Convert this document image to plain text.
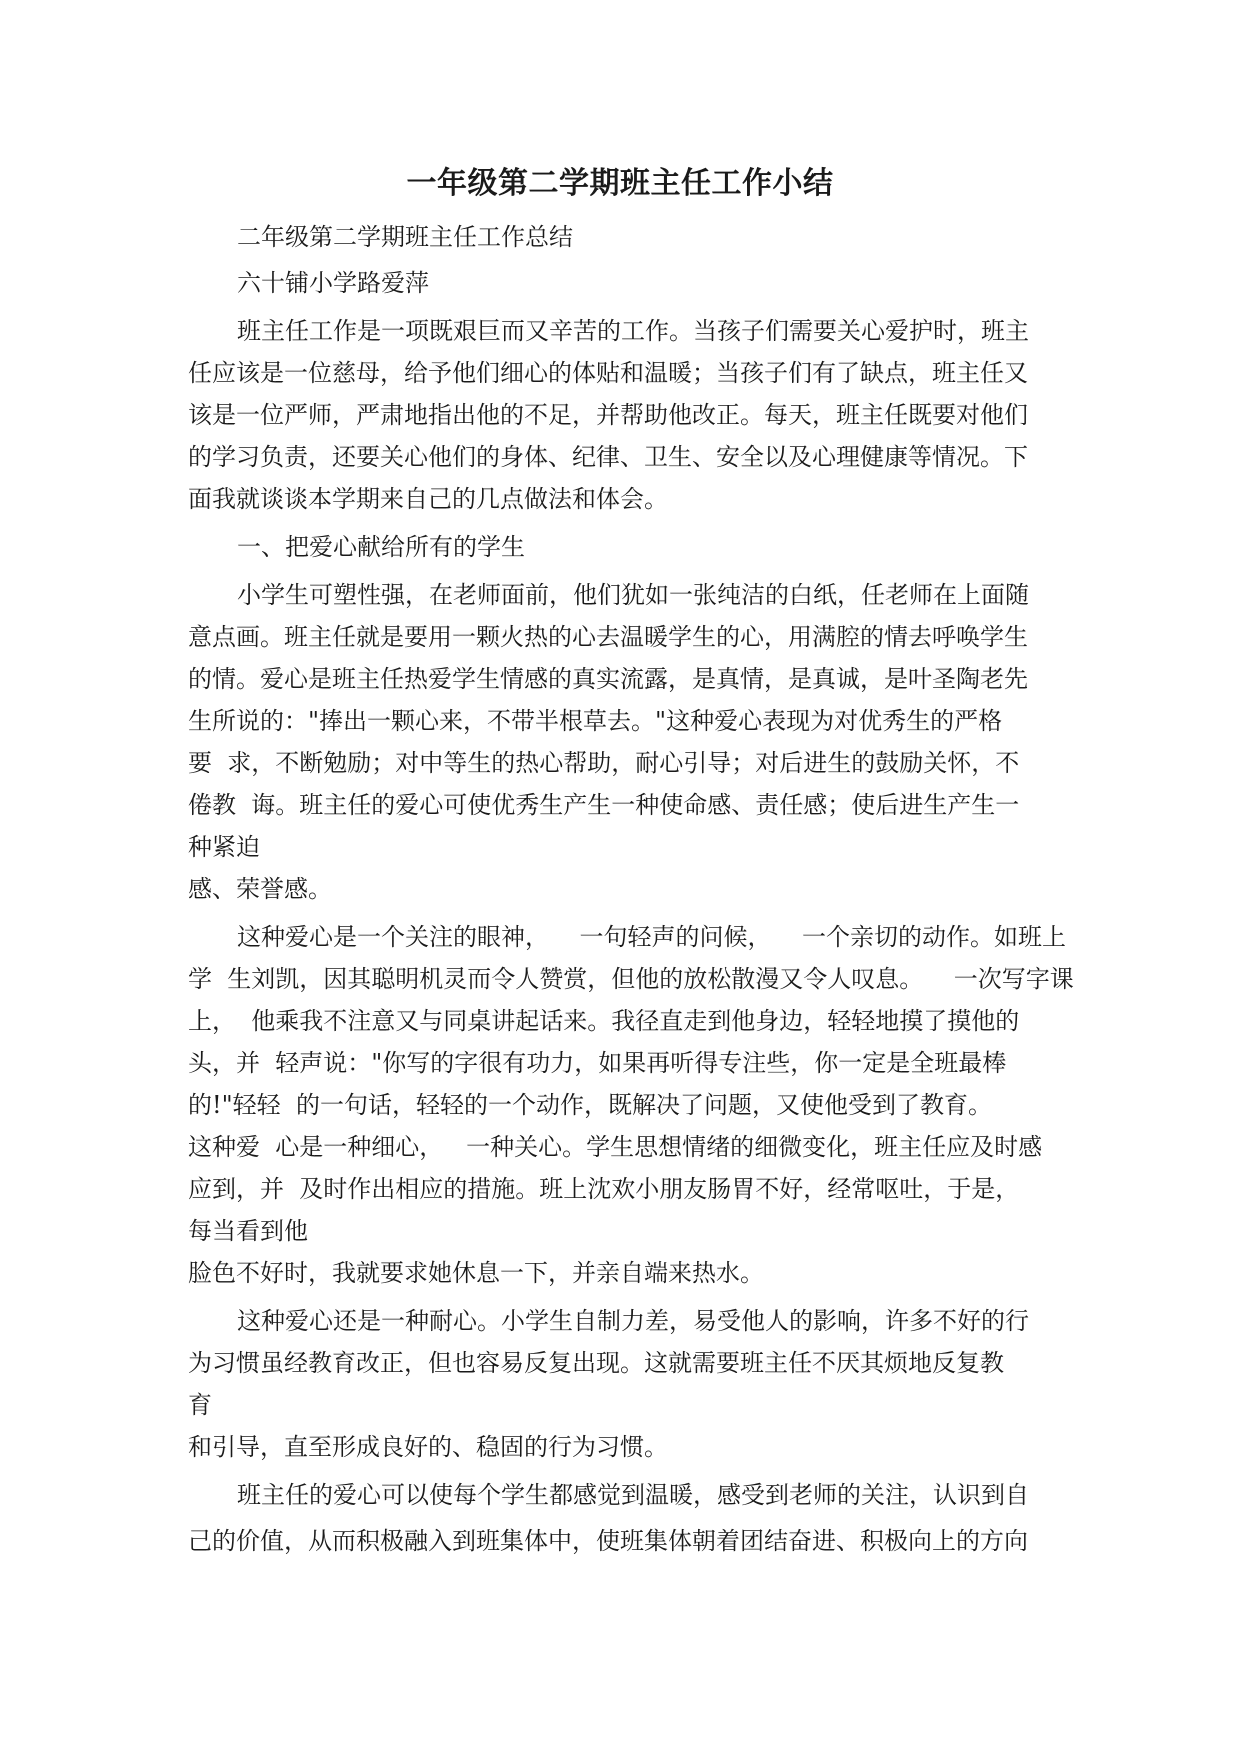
一年级第二学期班主任工作小结
二年级第二学期班主任工作总结
六十铺小学路爱萍
班主任工作是一项既艰巨而又辛苦的工作。当孩子们需要关心爱护时，班主
任应该是一位慈母，给予他们细心的体贴和温暖；当孩子们有了缺点，班主任又
该是一位严师，严肃地指出他的不足，并帮助他改正。每天，班主任既要对他们
的学习负责，还要关心他们的身体、纪律、卫生、安全以及心理健康等情况。下
面我就谈谈本学期来自己的几点做法和体会。
一、把爱心献给所有的学生
小学生可塑性强，在老师面前，他们犹如一张纯洁的白纸，任老师在上面随
意点画。班主任就是要用一颗火热的心去温暖学生的心，用满腔的情去呼唤学生
的情。爱心是班主任热爱学生情感的真实流露，是真情，是真诚，是叶圣陶老先
生所说的："捧出一颗心来，不带半根草去。"这种爱心表现为对优秀生的严格
要  求，不断勉励；对中等生的热心帮助，耐心引导；对后进生的鼓励关怀，不
倦教  诲。班主任的爱心可使优秀生产生一种使命感、责任感；使后进生产生一
种紧迫
感、荣誉感。
这种爱心是一个关注的眼神，    一句轻声的问候，    一个亲切的动作。如班上
学  生刘凯，因其聪明机灵而令人赞赏，但他的放松散漫又令人叹息。    一次写字课
上，  他乘我不注意又与同桌讲起话来。我径直走到他身边，轻轻地摸了摸他的
头，并  轻声说："你写的字很有功力，如果再听得专注些，你一定是全班最棒
的!"轻轻  的一句话，轻轻的一个动作，既解决了问题，又使他受到了教育。
这种爱  心是一种细心，   一种关心。学生思想情绪的细微变化，班主任应及时感
应到，并  及时作出相应的措施。班上沈欢小朋友肠胃不好，经常呕吐，于是，
每当看到他
脸色不好时，我就要求她休息一下，并亲自端来热水。
这种爱心还是一种耐心。小学生自制力差，易受他人的影响，许多不好的行
为习惯虽经教育改正，但也容易反复出现。这就需要班主任不厌其烦地反复教
育
和引导，直至形成良好的、稳固的行为习惯。
班主任的爱心可以使每个学生都感觉到温暖，感受到老师的关注，认识到自
己的价值，从而积极融入到班集体中，使班集体朝着团结奋进、积极向上的方向
